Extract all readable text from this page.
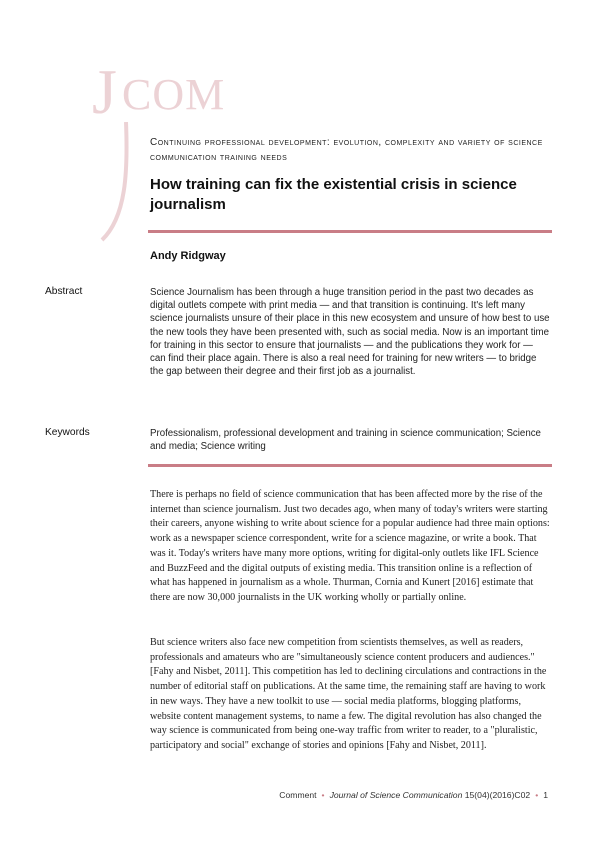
J COM
Continuing professional development: evolution, complexity and variety of science communication training needs
How training can fix the existential crisis in science journalism
Andy Ridgway
Abstract	Science Journalism has been through a huge transition period in the past two decades as digital outlets compete with print media — and that transition is continuing. It's left many science journalists unsure of their place in this new ecosystem and unsure of how best to use the new tools they have been presented with, such as social media. Now is an important time for training in this sector to ensure that journalists — and the publications they work for — can find their place again. There is also a real need for training for new writers — to bridge the gap between their degree and their first job as a journalist.
Keywords	Professionalism, professional development and training in science communication; Science and media; Science writing

There is perhaps no field of science communication that has been affected more by the rise of the internet than science journalism. Just two decades ago, when many of today's writers were starting their careers, anyone wishing to write about science for a popular audience had three main options: work as a newspaper science correspondent, write for a science magazine, or write a book. That was it. Today's writers have many more options, writing for digital-only outlets like IFL Science and BuzzFeed and the digital outputs of existing media. This transition online is a reflection of what has happened in journalism as a whole. Thurman, Cornia and Kunert [2016] estimate that there are now 30,000 journalists in the UK working wholly or partially online.

But science writers also face new competition from scientists themselves, as well as readers, professionals and amateurs who are "simultaneously science content producers and audiences." [Fahy and Nisbet, 2011]. This competition has led to declining circulations and contractions in the number of editorial staff on publications. At the same time, the remaining staff are having to work in new ways. They have a new toolkit to use — social media platforms, blogging platforms, website content management systems, to name a few. The digital revolution has also changed the way science is communicated from being one-way traffic from writer to reader, to a "pluralistic, participatory and social" exchange of stories and opinions [Fahy and Nisbet, 2011].

Comment • Journal of Science Communication 15(04)(2016)C02 • 1
